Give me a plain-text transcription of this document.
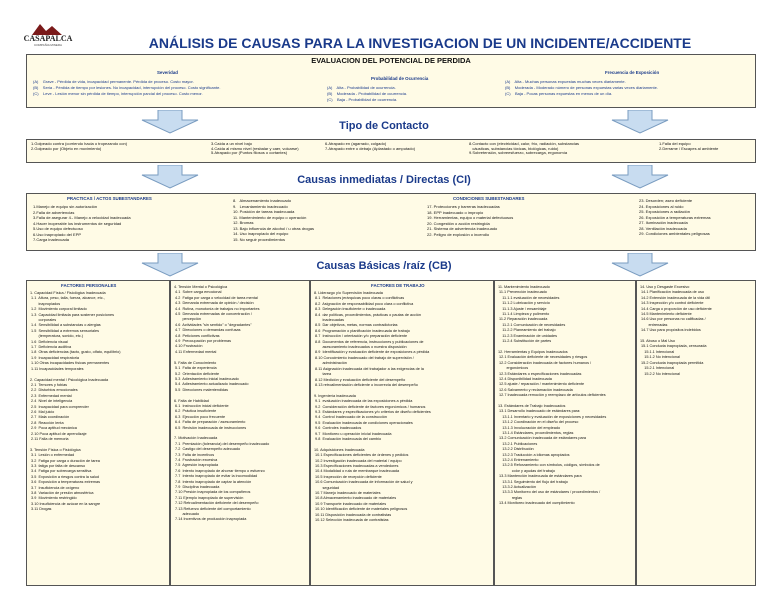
CASAPALCA
COMPAÑIA MINERA	ANÁLISIS DE CAUSAS PARA LA INVESTIGACION DE UN INCIDENTE/ACCIDENTE
EVALUACION DEL POTENCIAL DE PERDIDA
Severidad
(A)    Grave - Pérdida de vida, incapacidad permanente. Pérdida de proceso. Costo mayor.
(B)    Seria - Pérdida de tiempo por lesiones. No incapacidad, interrupción del proceso. Costo significante.
(C)    Leve - Lesión menor sin pérdida de tiempo, interrupción parcial del proceso. Costo menor.
Probabilidad de Ocurrencia
(A)    Alta - Probabilidad de ocurrencia.
(B)    Moderada - Probabilidad de ocurrencia.
(C)    Baja - Probabilidad de ocurrencia.
Frecuencia de Exposición
(A)    Alta - Muchas personas expuestas muchas veces diariamente.
(B)    Moderada - Moderado número de personas expuestas varias veces diariamente.
(C)    Baja - Pocas personas expuestas en menos de un día.
Tipo de Contacto
1.Golpeado contra (corriendo hacia o tropezando con)
2.Golpeado por (Objeto en movimiento)
3.Caída a un nivel bajo
4.Caída al mismo nivel (resbalar y caer, volcarse)
5.Atrapado por (Puntos filosos o cortantes)
6.Atrapado en (agarrado, colgado)
7.Atrapado entre o debajo (Aplastado o amputado)
8.Contacto con (electricidad, calor, frío, radiación, substancias
cáusticas, substancias tóxicas, biológicas, ruido)
9.Sobretensión, sobreesfuerzo, sobrecarga, ergonomía
1.Falla del equipo
2.Derrame / Escapes al ambiente
Causas inmediatas / Directas (CI)
PRACTICAS / ACTOS SUBESTANDARES
1.Manejo de equipo sin autorización
2.Falla de advertencias
3.Falla de asegurar 4.- Manejo a velocidad inadecuada
4.Hacer inoperable los instrumentos de seguridad
5.Uso de equipo defectuoso
6.Uso inapropiado del EPP
7.Carga inadecuada
8.   Almacenamiento inadecuado
9.   Levantamiento inadecuado
10. Posición de tareas inadecuada
11. Mantenimiento de equipo o operación
12. Bromas
13. Bajo influencia de alcohol / u otras drogas
14. Uso inapropiado del equipo
15. No seguir procedimientos
CONDICIONES SUBESTANDARES
17. Protecciones y barreras inadecuadas
18. EPP inadecuado o impropio
19. Herramientas, equipo o material defectuosos
20. Congestión o acción restringida
21. Sistema de advertencia inadecuado
22. Peligro de explosión o incendio
23. Desorden; aseo deficiente
24. Exposiciones al ruido
25. Exposiciones a radiación
26. Exposición a temperaturas extremas
27. Iluminación inadecuada
28. Ventilación inadecuada
29. Condiciones ambientales peligrosas
Causas Básicas /raíz (CB)
FACTORES PERSONALES
1. Capacidad Física / Fisiológica Inadecuada
1.1  Altura, peso, talla, fuerza, alcance, etc.,
inapropiados
1.2  Movimiento corporal limitado
1.3  Capacidad limitada para sostener posiciones
corporales
1.4  Sensibilidad a substancias o alergias
1.5  Sensibilidad a extremos sensoriales
(temperatura, sonido, etc.)
1.6  Deficiencia visual
1.7  Deficiencia auditiva
1.8  Otras deficiencias (tacto, gusto, olfato, equilibrio)
1.9  Incapacidad respiratoria
1.10 Otras incapacidades físicas permanentes
1.11 Incapacidades temporales

2. Capacidad mental / Psicológica Inadecuada
2.1  Temores y fobias
2.2  Disturbios emocionales
2.3  Enfermedad mental
2.4  Nivel de inteligencia
2.5  Incapacidad para comprender
2.6  Mal juicio
2.7  Mala coordinación
2.8  Reacción lenta
2.9  Poca aptitud mecánica
2.10 Poca aptitud de aprendizaje
2.11 Falla de memoria

3. Tensión Física o Fisiológica
3.1  Lesión o enfermedad
3.2  Fatiga por carga o duración de tarea
3.3  fatiga por falta de descanso
3.4  Fatiga por sobrecarga sensitiva
3.5  Exposición a riesgos contra la salud
3.6  Exposición a temperaturas extremas
3.7  Insuficiencia de oxígeno
3.8  Variación de presión atmosférica
3.9  Movimiento restringido
3.10 Insuficiencia de azúcar en la sangre
3.11 Drogas
4. Tensión Mental o Psicológica
4.1  Sobre carga emocional
4.2  Fatiga por carga o velocidad de tarea mental
4.3  Demanda extremada de opinión / decisión
4.4  Rutina, monotonía de trabajos no importantes
4.5  Demanda extremadas de concentración /
percepción
4.6  Actividades "sin sentido" o "degradantes"
4.7  Direcciones o demandas confusas
4.8  Peticiones conflictivas
4.9  Preocupación por problemas
4.10 Frustración
4.11 Enfermedad mental

5. Falta de Conocimiento
5.1  Falta de experiencia
5.2  Orientación deficiente
5.3  Adiestramiento inicial inadecuado
5.4  Adiestramiento actualizado inadecuado
5.5  Direcciones malentendidas

6. Falta de Habilidad
6.1  Instrucción inicial deficiente
6.2  Práctica insuficiente
6.3  Ejecución poco frecuente
6.4  Falta de preparación / asesoramiento
6.5  Revisión inadecuada de instrucciones

7. Motivación Inadecuada
7.1  Premiación (tolerancia) del desempeño inadecuado
7.2  Castigo del desempeño adecuado
7.3  Falta de incentivos
7.4  Frustración excesiva
7.5  Agresión inapropiada
7.6  Intento inapropiado de ahorrar tiempo o esfuerzo
7.7  Intento inapropiado de evitar la incomodidad
7.8  Intento inapropiado de captar la atención
7.9  Disciplina inadecuada
7.10 Presión inapropiada de los compañeros
7.11 Ejemplo inapropiado de supervisión
7.12 Retroalimentación deficiente del desempeño
7.13 Refuerzo deficiente del comportamiento
adecuado
7.14 Incentivos de producción inapropiada
FACTORES DE TRABAJO
8. Liderazgo y/o Supervisión Inadecuada
8.1  Relaciones jerárquicas poco claras o conflictivas
8.2  Asignación de responsabilidad poco clara o conflictiva
8.3  Delegación insuficiente o inadecuada
8.4  dar políticas, procedimientos, prácticas o pautas de acción
inadecuadas
8.5  Dar objetivos, metas, normas contradictorias
8.6  Programación o planificación inadecuada de trabajo
8.7  Instrucción / orientación y/o preparación deficiente
8.8  Documentos de referencia, instrucciones y publicaciones de
asesoramiento inadecuados o nuestra disposición
8.9  Identificación y evaluación deficiente de exposiciones a pérdida
8.10 Conocimiento inadecuado del trabajo de supervisión /
administración
8.11 Asignación inadecuada del trabajador a las exigencias de la
tarea
8.12 Medición y evaluación deficiente del desempeño
8.13 retroalimentación deficiente o incorrecta del desempeño

9. Ingeniería inadecuada
9.1  evaluación inadecuada de las exposiciones a pérdida
9.2  Consideración deficiente de factores ergonómicos / humanos
9.3  Estándares y especificaciones y/o criterios de diseño deficientes
9.4  Control inadecuado de la construcción
9.5  Evaluación inadecuada de condiciones operacionales
9.6  Controles inadecuados
9.7  Monitoreo u operación inicial inadecuada
9.8  Evaluación inadecuada del cambio

10. Adquisiciones Inadecuada
10.1 Especificaciones deficientes de órdenes y pedidos
10.2 Investigación inadecuada del material / equipo
10.3 Especificaciones inadecuadas a vendedores
10.4 Modalidad o ruta de membarque inadecuada
10.5 Inspección de recepción deficiente
10.6 Comunicación inadecuada de información de salud y
seguridad
10.7 Manejo inadecuado de materiales
10.8 Almacenamiento inadecuado de materiales
10.9 Transporte inadecuado de materiales
10.10 Identificación deficiente de materiales peligrosos
10.11 Disposición inadecuada de contratistas
10.12 Selección inadecuada de contratistas
11. Mantenimiento Inadecuado
11.1 Prevención inadecuado
11.1.1 evaluación de necesidades
11.1.2 Lubricación y servicio
11.1.3 Ajuste / ensamblaje
11.1.4 Limpieza y pulimento
11.2 Reparación inadecuada
11.2.1 Comunicación de necesidades
11.2.2 Planeamiento del trabajo
11.2.3 Examinación de unidades
11.2.4 Substitución de partes

12. Herramientas y Equipos Inadecuados
12.1 Evaluación deficiente de necesidades y riesgos
12.2 Consideración inadecuada de factores humanos /
ergonómicos
12.3 Estándares o especificaciones inadecuadas
12.4 Disponibilidad inadecuada
12.5 ajuste / reparación / mantenimiento deficiente
12.6 Salvamento y reclamación inadecuada
12.7 Inadecuada remoción y reemplazo de artículos deficientes

13. Estándares de Trabajo Inadecuados
13.1 Desarrollo inadecuado de estándares para:
13.1.1 Inventario y evaluación de exposiciones y necesidades
13.1.2 Coordinación en el diseño del proceso
13.1.3 Involucración del empleado
13.1.4 Estándares, procedimientos, reglas
13.2 Comunicación inadecuada de estándares para
13.2.1 Publicaciones
13.2.2 Distribución
13.2.3 Traducción a idiomas apropiados
13.2.4 Entrenamiento
13.2.5 Reforzamiento con símbolos, códigos, símbolos de
color y ayudas del trabajo
13.3 Mantención inadecuada de estándares para
13.3.1 Seguimiento del flujo del trabajo
13.3.2 Actualización
13.3.3 Monitoreo del uso de estándares / procedimientos /
reglas
13.4 Monitoreo inadecuado del cumplimiento
14. Uso y Desgaste Excesivo
14.1 Planificación inadecuada de uso
14.2 Extensión inadecuada de la vida útil
14.3 Inspección y/o control deficiente
14.4 Carga o proporción de uso deficiente
14.5 Mantenimiento deficiente
14.6 Uso por personas no calificadas /
entrenadas
14.7 Uso para propósitos indebidos

15. Abuso o Mal Uso
15.1 Conducta inapropiada, censurada
15.1.1 Intencional
15.1.2 No intencional
15.2 Conducta inapropiada permitida
15.2.1 Intencional
15.2.2 No intencional
